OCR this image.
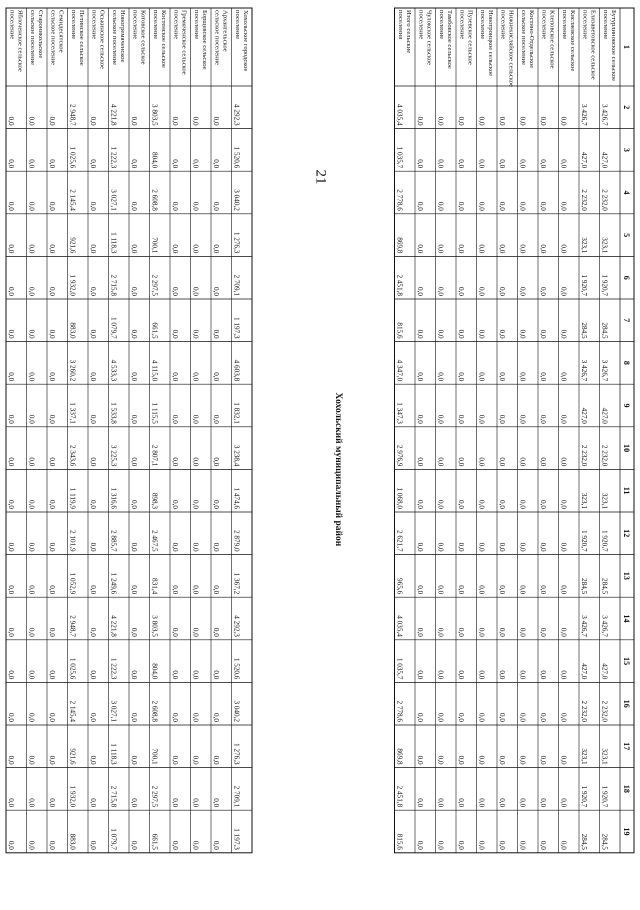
21
Хохольский муниципальный район
1
2
3
4
5
6
7
8
9
10
11
12
13
14
15
16
17
18
19
Бутурлиновское сельское
поселение
3 426,7
427,0
2 232,0
323,1
1 920,7
284,5
3 426,7
427,0
2 232,0
323,1
1 920,7
284,5
3 426,7
427,0
2 232,0
323,1
1 920,7
284,5
Елизаветовское сельское
поселение
3 426,7
427,0
2 232,0
323,1
1 920,7
284,5
3 426,7
427,0
2 232,0
323,1
1 920,7
284,5
3 426,7
427,0
2 232,0
323,1
1 920,7
284,5
Кисляевское сельское
поселение
0,0
0,0
0,0
0,0
0,0
0,0
0,0
0,0
0,0
0,0
0,0
0,0
0,0
0,0
0,0
0,0
0,0
0,0
Клеповское сельское
поселение
0,0
0,0
0,0
0,0
0,0
0,0
0,0
0,0
0,0
0,0
0,0
0,0
0,0
0,0
0,0
0,0
0,0
0,0
Костино-Отдельское
сельское поселение
0,0
0,0
0,0
0,0
0,0
0,0
0,0
0,0
0,0
0,0
0,0
0,0
0,0
0,0
0,0
0,0
0,0
0,0
Нижнекисляйское сельское
поселение
0,0
0,0
0,0
0,0
0,0
0,0
0,0
0,0
0,0
0,0
0,0
0,0
0,0
0,0
0,0
0,0
0,0
0,0
Новотроицкое сельское
поселение
0,0
0,0
0,0
0,0
0,0
0,0
0,0
0,0
0,0
0,0
0,0
0,0
0,0
0,0
0,0
0,0
0,0
0,0
Пузевское сельское
поселение
0,0
0,0
0,0
0,0
0,0
0,0
0,0
0,0
0,0
0,0
0,0
0,0
0,0
0,0
0,0
0,0
0,0
0,0
Тамбовское сельское
поселение
0,0
0,0
0,0
0,0
0,0
0,0
0,0
0,0
0,0
0,0
0,0
0,0
0,0
0,0
0,0
0,0
0,0
0,0
Чулокское сельское
поселение
0,0
0,0
0,0
0,0
0,0
0,0
0,0
0,0
0,0
0,0
0,0
0,0
0,0
0,0
0,0
0,0
0,0
0,0
Итого сельские
поселения
4 035,4
1 035,7
2 778,6
869,8
2 451,8
815,6
4 347,0
1 347,3
2 976,9
1 068,0
2 621,7
965,6
4 035,4
1 035,7
2 778,6
869,8
2 451,8
815,6
Хохольское городское
поселение
4 292,3
1 520,6
3 040,2
1 276,3
2 709,1
1 197,3
4 603,8
1 832,1
3 238,4
1 474,6
2 879,0
1 367,2
4 292,3
1 520,6
3 040,2
1 276,3
2 709,1
1 197,3
Архангельское
сельское поселение
0,0
0,0
0,0
0,0
0,0
0,0
0,0
0,0
0,0
0,0
0,0
0,0
0,0
0,0
0,0
0,0
0,0
0,0
Борщевское сельское
поселение
0,0
0,0
0,0
0,0
0,0
0,0
0,0
0,0
0,0
0,0
0,0
0,0
0,0
0,0
0,0
0,0
0,0
0,0
Гремяченское сельское
поселение
0,0
0,0
0,0
0,0
0,0
0,0
0,0
0,0
0,0
0,0
0,0
0,0
0,0
0,0
0,0
0,0
0,0
0,0
Костенское сельское
поселение
3 803,5
804,0
2 608,8
700,1
2 297,5
661,5
4 115,0
1 115,5
2 807,1
898,3
2 467,5
831,4
3 803,5
804,0
2 608,8
700,1
2 297,5
661,5
Котовское сельское
поселение
0,0
0,0
0,0
0,0
0,0
0,0
0,0
0,0
0,0
0,0
0,0
0,0
0,0
0,0
0,0
0,0
0,0
0,0
Новогремяченское
сельское поселение
4 221,8
1 222,3
3 027,1
1 118,3
2 715,8
1 079,7
4 533,3
1 533,8
3 225,3
1 316,6
2 885,7
1 249,6
4 221,8
1 222,3
3 027,1
1 118,3
2 715,8
1 079,7
Оськинское сельское
поселение
0,0
0,0
0,0
0,0
0,0
0,0
0,0
0,0
0,0
0,0
0,0
0,0
0,0
0,0
0,0
0,0
0,0
0,0
Петинское сельское
поселение
2 948,7
1 025,6
2 145,4
921,6
1 932,0
883,0
3 260,2
1 337,1
2 343,6
1 119,9
2 101,9
1 052,9
2 948,7
1 025,6
2 145,4
921,6
1 932,0
883,0
Семидесятское
сельское поселение
0,0
0,0
0,0
0,0
0,0
0,0
0,0
0,0
0,0
0,0
0,0
0,0
0,0
0,0
0,0
0,0
0,0
0,0
Староникольское
сельское поселение
0,0
0,0
0,0
0,0
0,0
0,0
0,0
0,0
0,0
0,0
0,0
0,0
0,0
0,0
0,0
0,0
0,0
0,0
Яблоченское сельское
поселение
0,0
0,0
0,0
0,0
0,0
0,0
0,0
0,0
0,0
0,0
0,0
0,0
0,0
0,0
0,0
0,0
0,0
0,0
